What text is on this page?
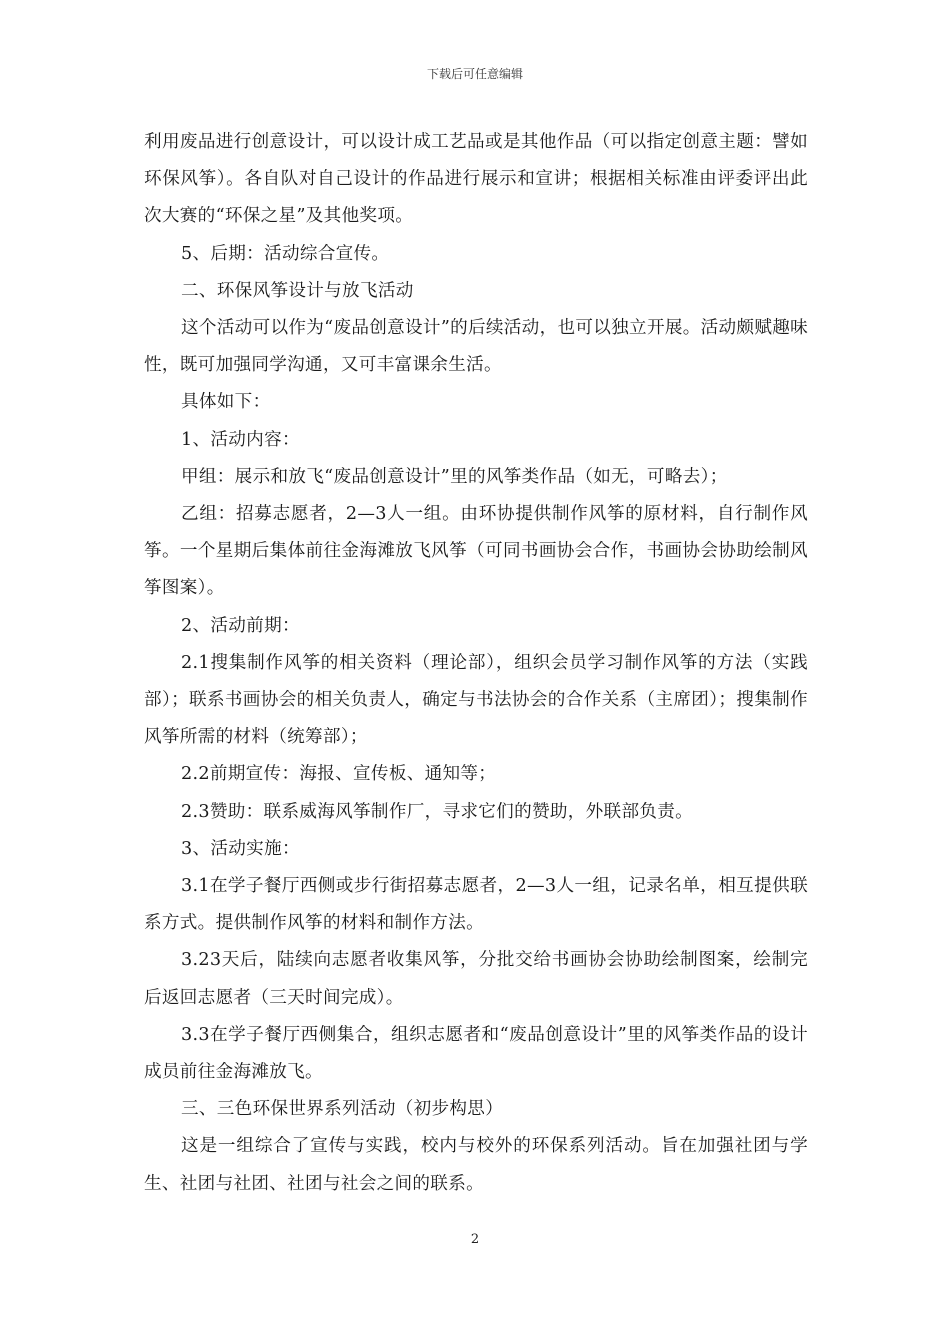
下载后可任意编辑

利用废品进行创意设计，可以设计成工艺品或是其他作品（可以指定创意主题：譬如环保风筝）。各自队对自己设计的作品进行展示和宣讲；根据相关标准由评委评出此次大赛的“环保之星”及其他奖项。

5、后期：活动综合宣传。

二、环保风筝设计与放飞活动

这个活动可以作为“废品创意设计”的后续活动，也可以独立开展。活动颇赋趣味性，既可加强同学沟通，又可丰富课余生活。

具体如下：

1、活动内容：

甲组：展示和放飞“废品创意设计”里的风筝类作品（如无，可略去）；

乙组：招募志愿者，2—3人一组。由环协提供制作风筝的原材料，自行制作风筝。一个星期后集体前往金海滩放飞风筝（可同书画协会合作，书画协会协助绘制风筝图案）。

2、活动前期：

2.1搜集制作风筝的相关资料（理论部），组织会员学习制作风筝的方法（实践部）；联系书画协会的相关负责人，确定与书法协会的合作关系（主席团）；搜集制作风筝所需的材料（统筹部）；

2.2前期宣传：海报、宣传板、通知等；

2.3赞助：联系威海风筝制作厂，寻求它们的赞助，外联部负责。

3、活动实施：

3.1在学子餐厅西侧或步行街招募志愿者，2—3人一组，记录名单，相互提供联系方式。提供制作风筝的材料和制作方法。

3.23天后，陆续向志愿者收集风筝，分批交给书画协会协助绘制图案，绘制完后返回志愿者（三天时间完成）。

3.3在学子餐厅西侧集合，组织志愿者和“废品创意设计”里的风筝类作品的设计成员前往金海滩放飞。

三、三色环保世界系列活动（初步构思）

这是一组综合了宣传与实践，校内与校外的环保系列活动。旨在加强社团与学生、社团与社团、社团与社会之间的联系。

2
